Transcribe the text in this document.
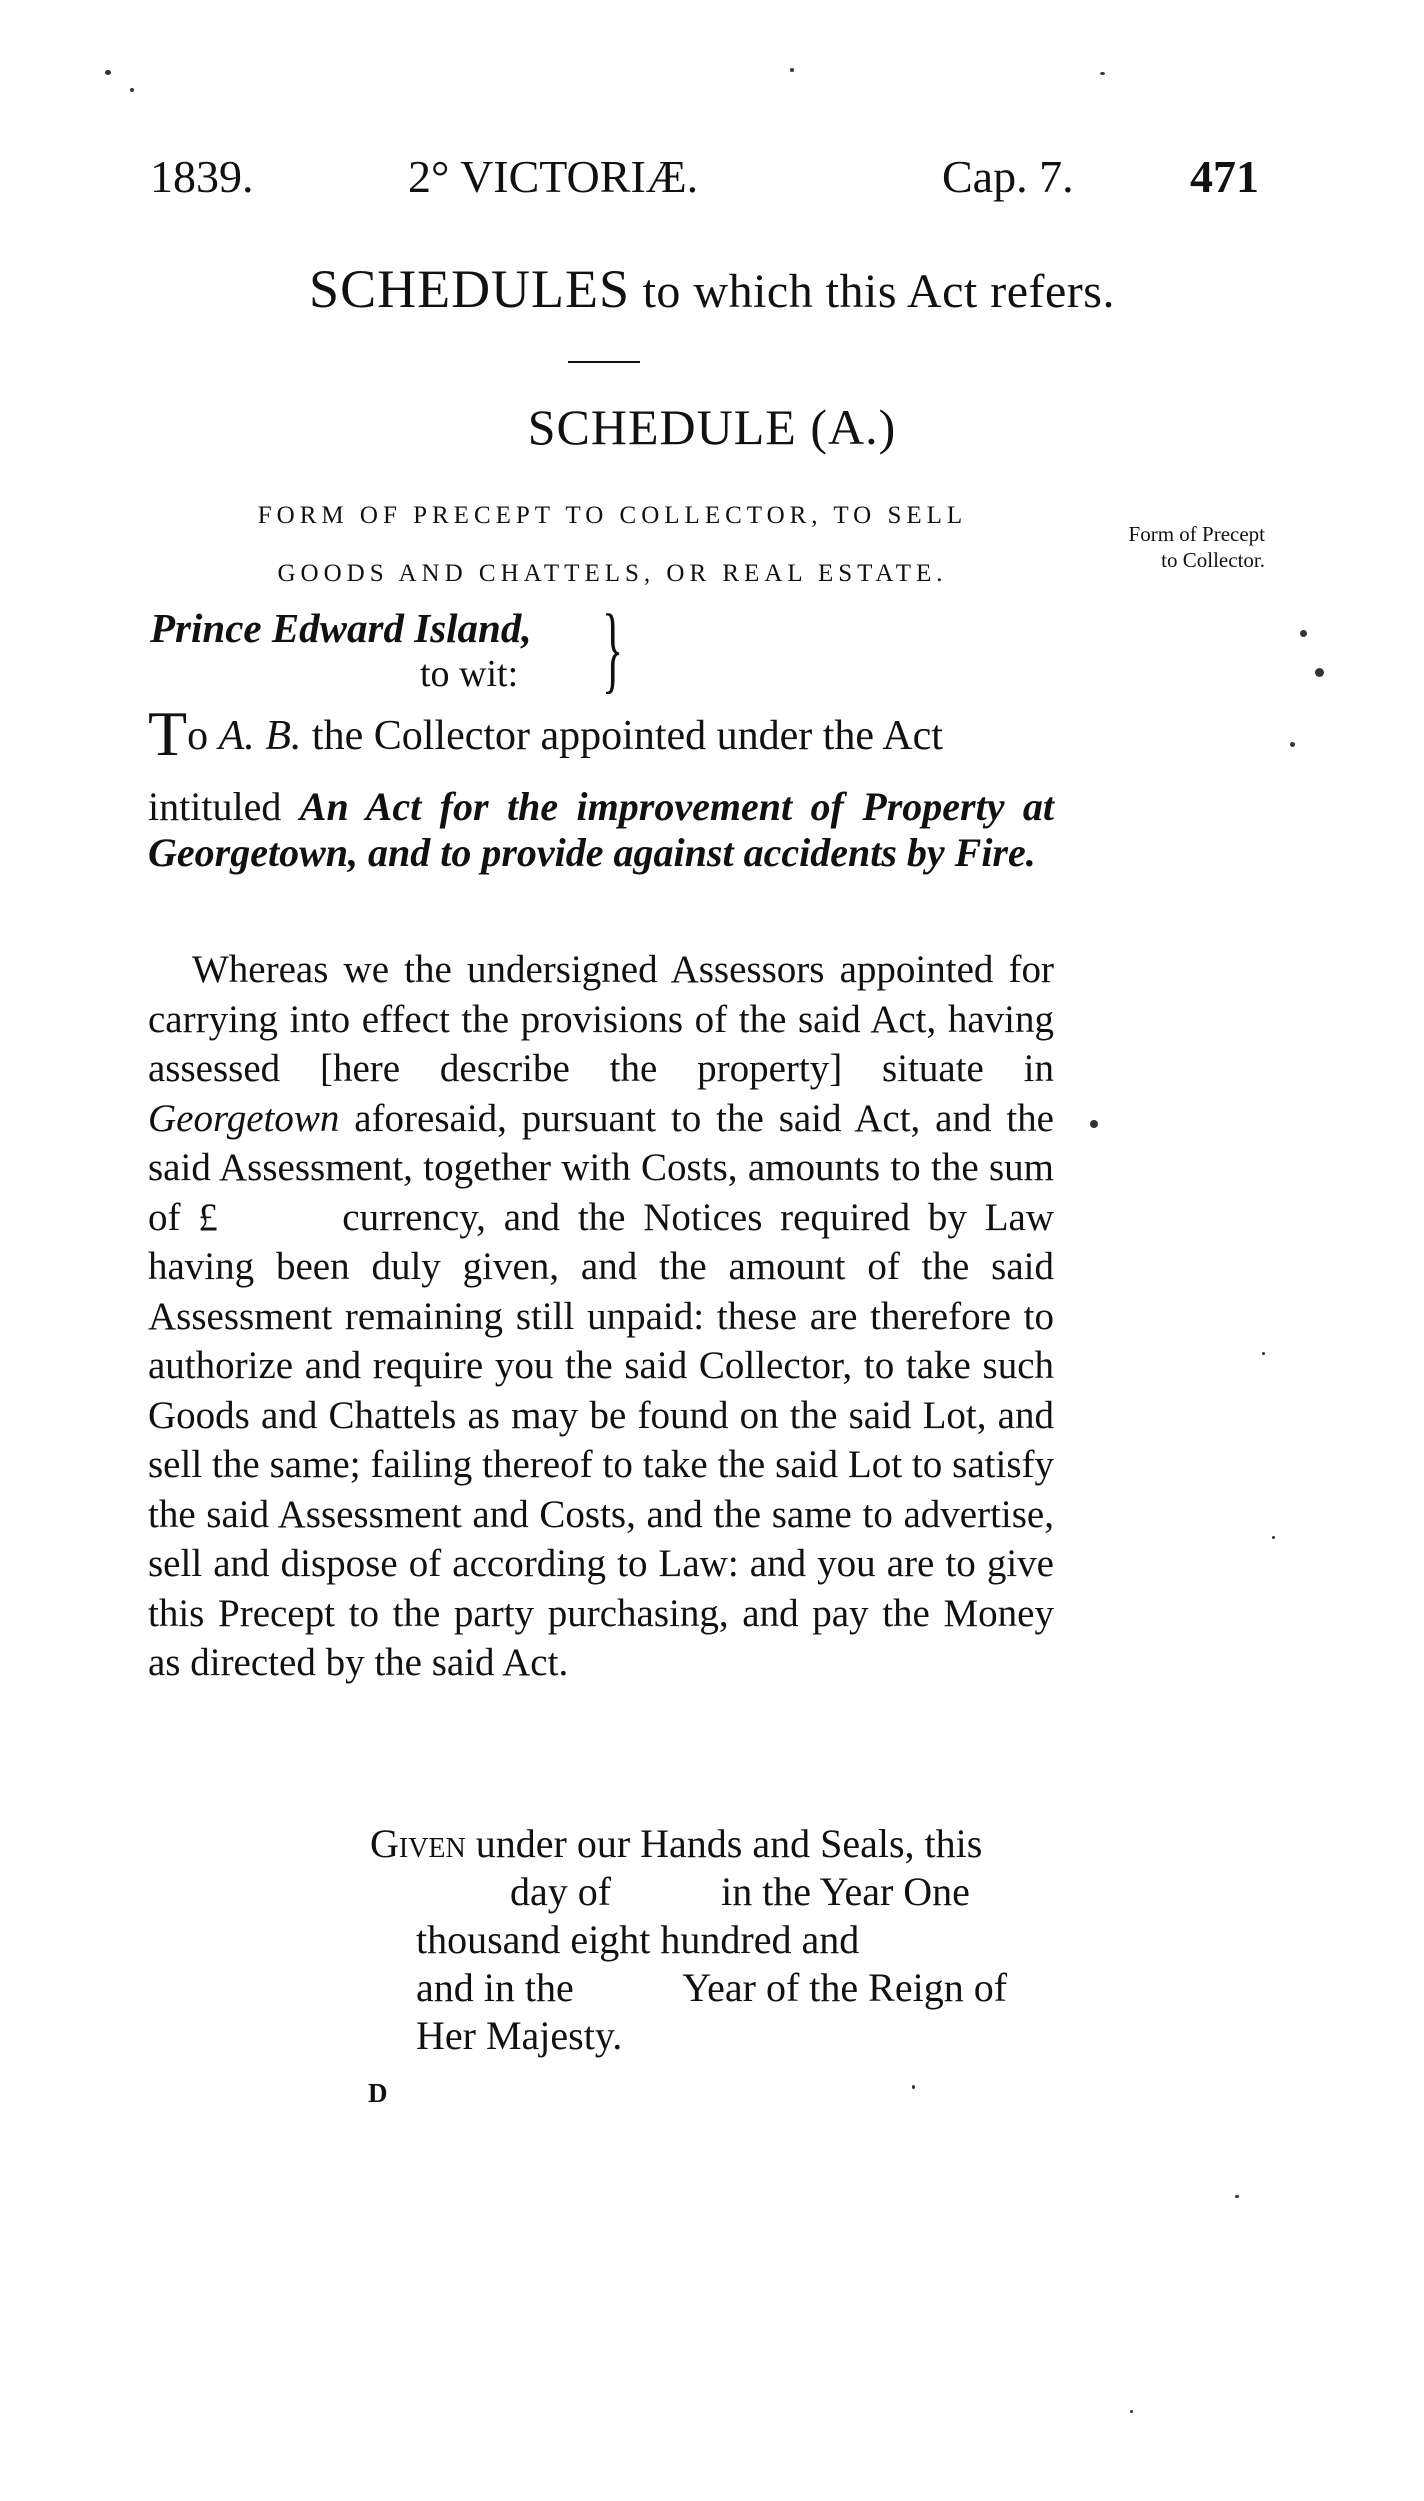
1839.	2° VICTORIÆ.	Cap. 7.	471
SCHEDULES to which this Act refers.
SCHEDULE (A.)
FORM OF PRECEPT TO COLLECTOR, TO SELL
GOODS AND CHATTELS, OR REAL ESTATE.
Form of Precept
to Collector.
Prince Edward Island,
to wit: }
To A. B. the Collector appointed under the Act
intituled An Act for the improvement of Property at Georgetown, and to provide against accidents by Fire.

Whereas we the undersigned Assessors appointed for carrying into effect the provisions of the said Act, having assessed [here describe the property] situate in Georgetown aforesaid, pursuant to the said Act, and the said Assessment, together with Costs, amounts to the sum of £       currency, and the Notices required by Law having been duly given, and the amount of the said Assessment remaining still unpaid: these are therefore to authorize and require you the said Collector, to take such Goods and Chattels as may be found on the said Lot, and sell the same; failing thereof to take the said Lot to satisfy the said Assessment and Costs, and the same to advertise, sell and dispose of according to Law: and you are to give this Precept to the party purchasing, and pay the Money as directed by the said Act.

Given under our Hands and Seals, this
day of           in the Year One
thousand eight hundred and
and in the           Year of the Reign of
Her Majesty.
D
